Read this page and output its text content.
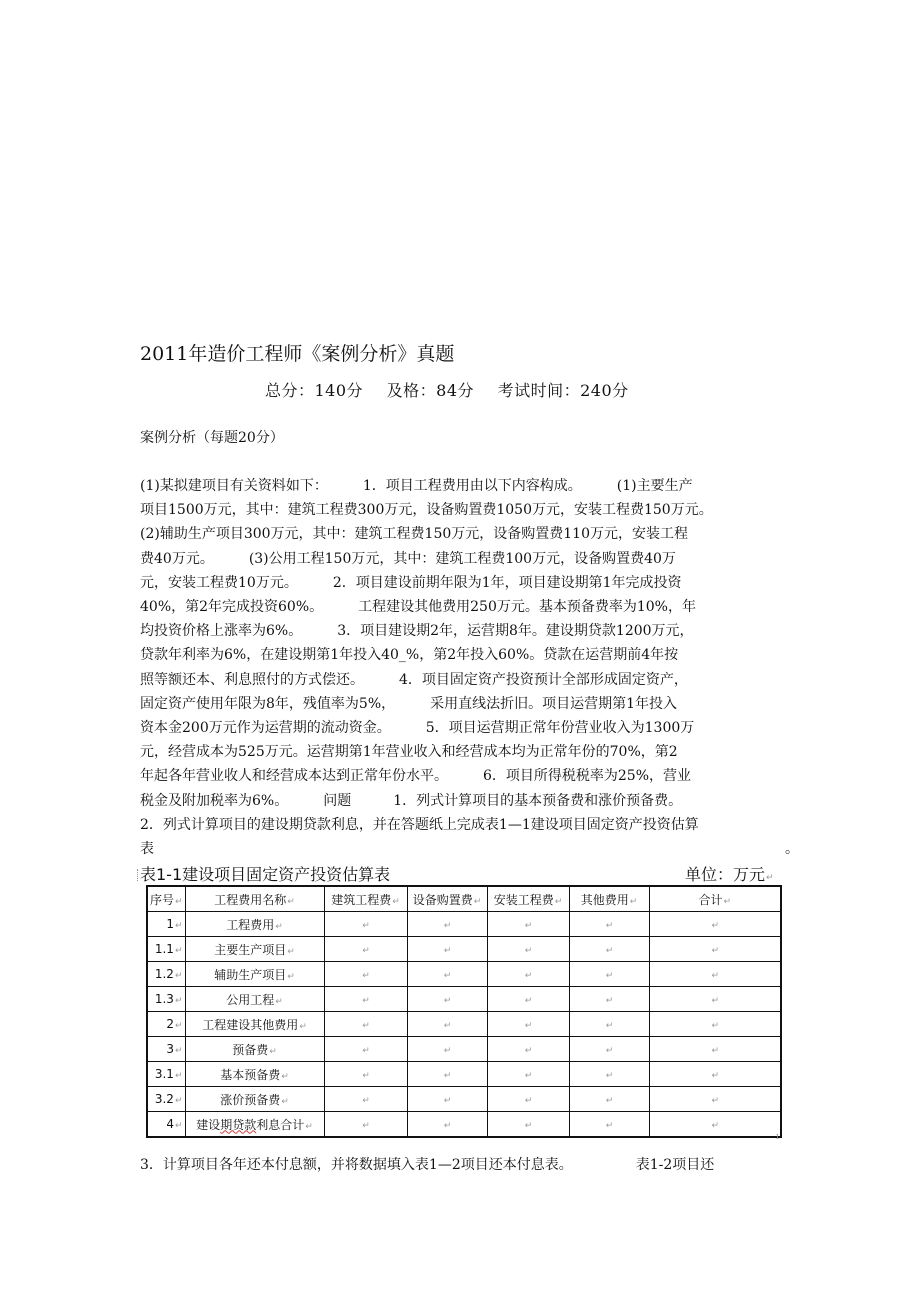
2011年造价工程师《案例分析》真题
总分：140分 及格：84分 考试时间：240分
案例分析（每题20分）
(1)某拟建项目有关资料如下：　　　1．项目工程费用由以下内容构成。　　　(1)主要生产
项目1500万元，其中：建筑工程费300万元，设备购置费1050万元，安装工程费150万元。
(2)辅助生产项目300万元，其中：建筑工程费150万元，设备购置费110万元，安装工程
费40万元。　　　(3)公用工程150万元，其中：建筑工程费100万元，设备购置费40万
元，安装工程费10万元。　　　2．项目建设前期年限为1年，项目建设期第1年完成投资
40%，第2年完成投资60%。　　　工程建设其他费用250万元。基本预备费率为10%，年
均投资价格上涨率为6%。　　　3．项目建设期2年，运营期8年。建设期贷款1200万元，
贷款年利率为6%，在建设期第1年投入40_%，第2年投入60%。贷款在运营期前4年按
照等额还本、利息照付的方式偿还。　　　4．项目固定资产投资预计全部形成固定资产，
固定资产使用年限为8年，残值率为5%，　　　采用直线法折旧。项目运营期第1年投入
资本金200万元作为运营期的流动资金。　　　5．项目运营期正常年份营业收入为1300万
元，经营成本为525万元。运营期第1年营业收入和经营成本均为正常年份的70%，第2
年起各年营业收人和经营成本达到正常年份水平。　　　6．项目所得税税率为25%，营业
税金及附加税率为6%。　　　问题　　　1．列式计算项目的基本预备费和涨价预备费。
2．列式计算项目的建设期贷款利息，并在答题纸上完成表1—1建设项目固定资产投资估算
表	。
表1-1建设项目固定资产投资估算表	单位：万元↵
序号↵	工程费用名称↵	建筑工程费↵	设备购置费↵	安装工程费↵	其他费用↵	合计↵
1↵	工程费用↵	↵	↵	↵	↵	↵
1.1↵	主要生产项目↵	↵	↵	↵	↵	↵
1.2↵	辅助生产项目↵	↵	↵	↵	↵	↵
1.3↵	公用工程↵	↵	↵	↵	↵	↵
2↵	工程建设其他费用↵	↵	↵	↵	↵	↵
3↵	预备费↵	↵	↵	↵	↵	↵
3.1↵	基本预备费↵	↵	↵	↵	↵	↵
3.2↵	涨价预备费↵	↵	↵	↵	↵	↵
4↵	建设期贷款利息合计↵	↵	↵	↵	↵	↵
ı
3．计算项目各年还本付息额，并将数据填入表1—2项目还本付息表。　　　　　表1-2项目还
